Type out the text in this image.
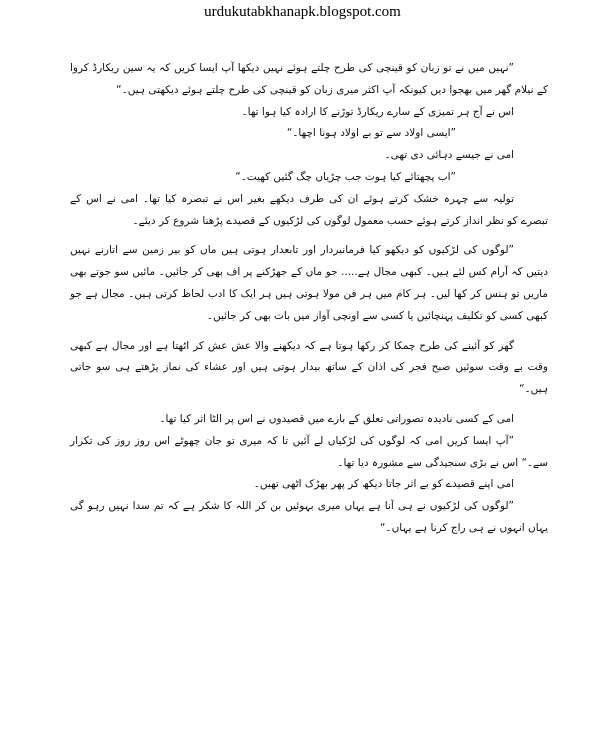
urdukutabkhanapk.blogspot.com

”نہیں میں نے تو زبان کو قینچی کی طرح چلتے ہوئے نہیں دیکھا آپ ایسا کریں کہ یہ سین ریکارڈ کروا کے نیلام گھر میں بھجوا دیں کیونکہ آپ اکثر میری زبان کو قینچی کی طرح چلتے ہوئے دیکھتی ہیں۔“

اس نے آج ہر تمیزی کے سارے ریکارڈ توڑنے کا ارادہ کیا ہوا تھا۔

”ایسی اولاد سے تو بے اولاد ہونا اچھا۔“

امی نے جیسے دہائی دی تھی۔

”اب پچھتائے کیا ہوت جب چڑیاں چگ گئیں کھیت۔“

تولیہ سے چہرہ خشک کرتے ہوئے ان کی طرف دیکھے بغیر اس نے تبصرہ کیا تھا۔ امی نے اس کے تبصرے کو نظر انداز کرتے ہوئے حسب معمول لوگوں کی لڑکیوں کے قصیدے پڑھنا شروع کر دیئے۔

”لوگوں کی لڑکیوں کو دیکھو کیا فرمانبردار اور تابعدار ہوتی ہیں ماں کو بیر زمین سے اتارنے نہیں دیتیں کہ آرام کس لئے ہیں۔ کبھی مجال ہے..... جو ماں کے جھڑکنے پر اف بھی کر جائیں۔ مائیں سو جوتے بھی ماریں تو ہنس کر کھا لیں۔ ہر کام میں ہر فن مولا ہوتی ہیں ہر ایک کا ادب لحاظ کرتی ہیں۔ مجال ہے جو کبھی کسی کو تکلیف پہنچائیں یا کسی سے اونچی آواز میں بات بھی کر جائیں۔

گھر کو آئینے کی طرح چمکا کر رکھا ہوتا ہے کہ دیکھنے والا عش عش کر اٹھتا ہے اور مجال ہے کبھی وقت بے وقت سوئیں صبح فجر کی اذان کے ساتھ بیدار ہوتی ہیں اور عشاء کی نماز پڑھتے ہی سو جاتی ہیں۔“

امی کے کسی نادیدہ تصوراتی تعلق کے بارے میں قصیدوں نے اس پر الٹا اثر کیا تھا۔

”آپ ایسا کریں امی کہ لوگوں کی لڑکیاں لے آئیں تا کہ میری تو جان چھوٹے اس روز روز کی تکرار سے۔“ اس نے بڑی سنجیدگی سے مشورہ دیا تھا۔

امی اپنے قصیدے کو بے اثر جاتا دیکھ کر پھر بھڑک اٹھی تھیں۔

”لوگوں کی لڑکیوں نے ہی آنا ہے یہاں میری بہوئیں بن کر اللہ کا شکر ہے کہ تم سدا نہیں رہو گی یہاں انہوں نے ہی راج کرنا ہے یہاں۔“
